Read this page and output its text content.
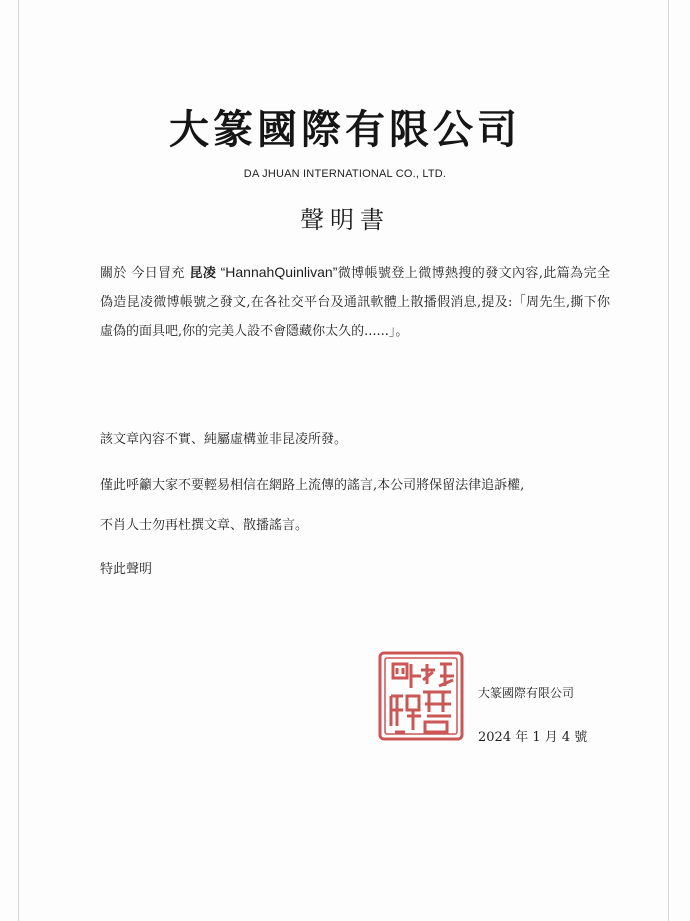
大篆國際有限公司
DA JHUAN INTERNATIONAL CO., LTD.
聲明書
關於 今日冒充 昆凌 “HannahQuinlivan”微博帳號登上微博熱搜的發文內容,此篇為完全偽造昆凌微博帳號之發文,在各社交平台及通訊軟體上散播假消息,提及:「周先生,撕下你虛偽的面具吧,你的完美人設不會隱藏你太久的......」。
該文章內容不實、純屬虛構並非昆凌所發。
僅此呼籲大家不要輕易相信在網路上流傳的謠言,本公司將保留法律追訴權,
不肖人士勿再杜撰文章、散播謠言。
特此聲明
大篆國際有限公司
2024 年 1 月 4 號
